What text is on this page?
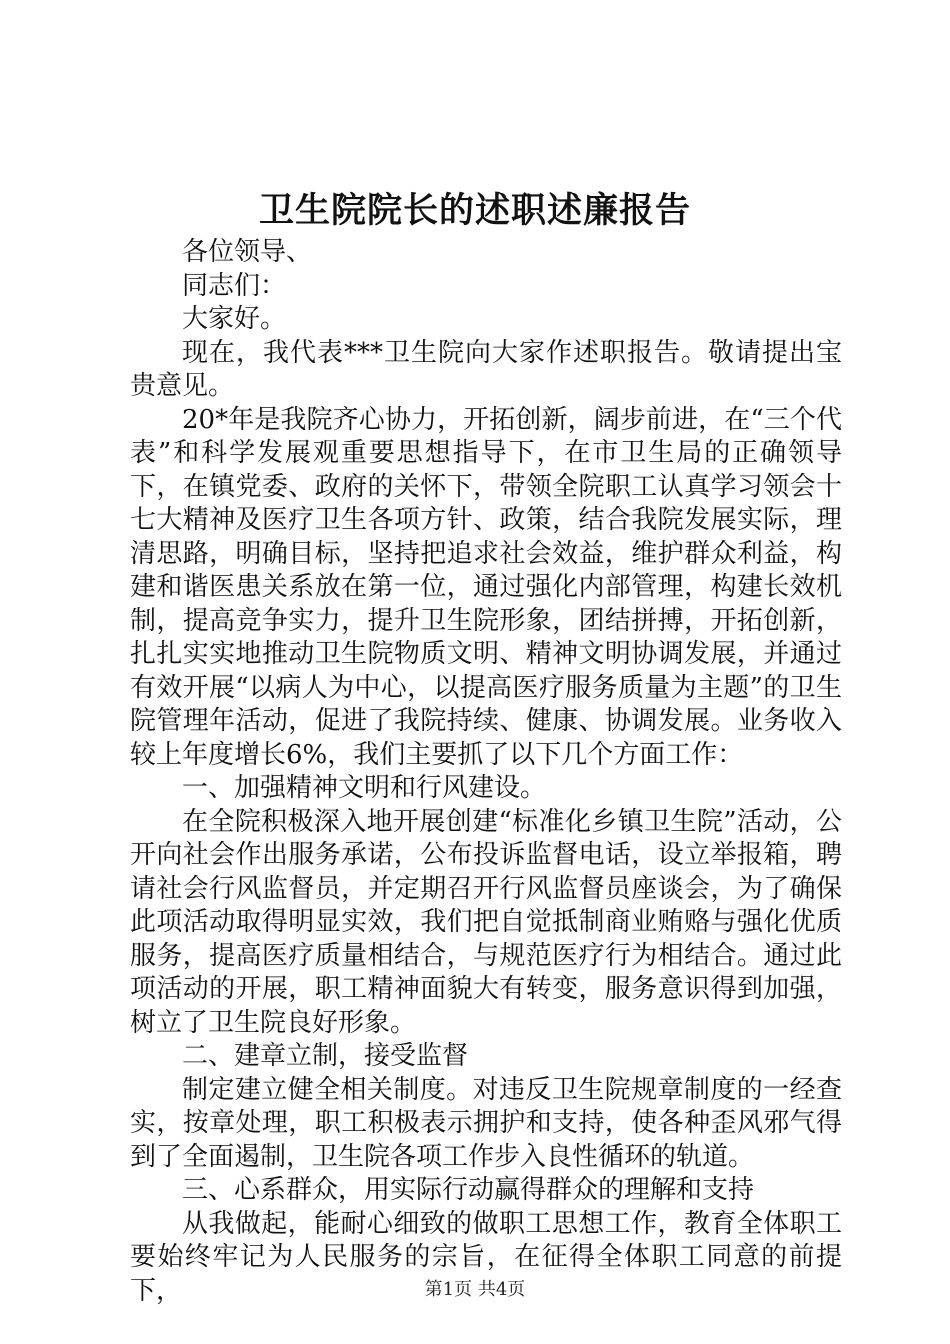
卫生院院长的述职述廉报告

各位领导、

同志们：

大家好。

现在，我代表***卫生院向大家作述职报告。敬请提出宝贵意见。

20*年是我院齐心协力，开拓创新，阔步前进，在“三个代表”和科学发展观重要思想指导下，在市卫生局的正确领导下，在镇党委、政府的关怀下，带领全院职工认真学习领会十七大精神及医疗卫生各项方针、政策，结合我院发展实际，理清思路，明确目标，坚持把追求社会效益，维护群众利益，构建和谐医患关系放在第一位，通过强化内部管理，构建长效机制，提高竞争实力，提升卫生院形象，团结拼搏，开拓创新，扎扎实实地推动卫生院物质文明、精神文明协调发展，并通过有效开展“以病人为中心，以提高医疗服务质量为主题”的卫生院管理年活动，促进了我院持续、健康、协调发展。业务收入较上年度增长6%，我们主要抓了以下几个方面工作：

一、加强精神文明和行风建设。

在全院积极深入地开展创建“标准化乡镇卫生院”活动，公开向社会作出服务承诺，公布投诉监督电话，设立举报箱，聘请社会行风监督员，并定期召开行风监督员座谈会，为了确保此项活动取得明显实效，我们把自觉抵制商业贿赂与强化优质服务，提高医疗质量相结合，与规范医疗行为相结合。通过此项活动的开展，职工精神面貌大有转变，服务意识得到加强，树立了卫生院良好形象。

二、建章立制，接受监督

制定建立健全相关制度。对违反卫生院规章制度的一经查实，按章处理，职工积极表示拥护和支持，使各种歪风邪气得到了全面遏制，卫生院各项工作步入良性循环的轨道。

三、心系群众，用实际行动赢得群众的理解和支持

从我做起，能耐心细致的做职工思想工作，教育全体职工要始终牢记为人民服务的宗旨，在征得全体职工同意的前提下，	第1页 共4页
